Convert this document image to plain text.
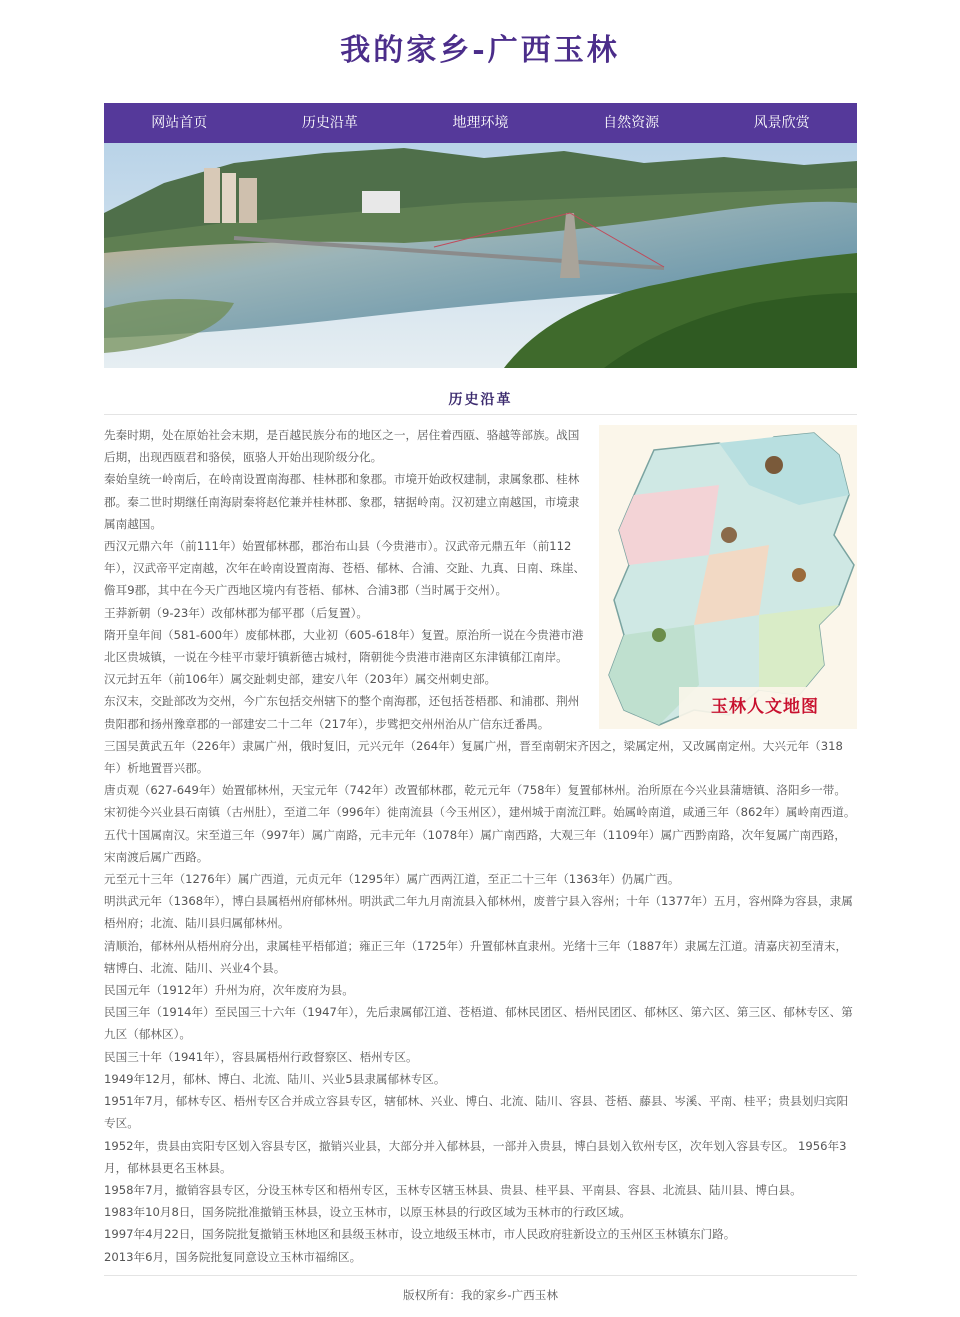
我的家乡-广西玉林
网站首页	历史沿革	地理环境	自然资源	风景欣赏
历史沿革
玉林人文地图

先秦时期，处在原始社会末期，是百越民族分布的地区之一，居住着西瓯、骆越等部族。战国后期，出现西瓯君和骆侯，瓯骆人开始出现阶级分化。

秦始皇统一岭南后，在岭南设置南海郡、桂林郡和象郡。市境开始政权建制，隶属象郡、桂林郡。秦二世时期继任南海尉秦将赵佗兼并桂林郡、象郡，辖据岭南。汉初建立南越国，市境隶属南越国。

西汉元鼎六年（前111年）始置郁林郡，郡治布山县（今贵港市）。汉武帝元鼎五年（前112年），汉武帝平定南越，次年在岭南设置南海、苍梧、郁林、合浦、交趾、九真、日南、珠崖、儋耳9郡，其中在今天广西地区境内有苍梧、郁林、合浦3郡（当时属于交州）。

王莽新朝（9-23年）改郁林郡为郁平郡（后复置）。

隋开皇年间（581-600年）废郁林郡，大业初（605-618年）复置。原治所一说在今贵港市港北区贵城镇，一说在今桂平市蒙圩镇新德古城村，隋朝徙今贵港市港南区东津镇郁江南岸。

汉元封五年（前106年）属交趾刺史部，建安八年（203年）属交州刺史部。

东汉末，交趾部改为交州，今广东包括交州辖下的整个南海郡，还包括苍梧郡、和浦郡、荆州贵阳郡和扬州豫章郡的一部建安二十二年（217年），步骘把交州州治从广信东迁番禺。

三国吴黄武五年（226年）隶属广州，俄时复旧，元兴元年（264年）复属广州，晋至南朝宋齐因之，梁属定州，又改属南定州。大兴元年（318年）析地置晋兴郡。

唐贞观（627-649年）始置郁林州，天宝元年（742年）改置郁林郡，乾元元年（758年）复置郁林州。治所原在今兴业县蒲塘镇、洛阳乡一带。宋初徙今兴业县石南镇（古州肚），至道二年（996年）徙南流县（今玉州区），建州城于南流江畔。始属岭南道，咸通三年（862年）属岭南西道。五代十国属南汉。宋至道三年（997年）属广南路，元丰元年（1078年）属广南西路，大观三年（1109年）属广西黔南路，次年复属广南西路，宋南渡后属广西路。

元至元十三年（1276年）属广西道，元贞元年（1295年）属广西两江道，至正二十三年（1363年）仍属广西。

明洪武元年（1368年），博白县属梧州府郁林州。明洪武二年九月南流县入郁林州，废普宁县入容州；十年（1377年）五月，容州降为容县，隶属梧州府；北流、陆川县归属郁林州。

清顺治，郁林州从梧州府分出，隶属桂平梧郁道；雍正三年（1725年）升置郁林直隶州。光绪十三年（1887年）隶属左江道。清嘉庆初至清末，辖博白、北流、陆川、兴业4个县。

民国元年（1912年）升州为府，次年废府为县。

民国三年（1914年）至民国三十六年（1947年），先后隶属郁江道、苍梧道、郁林民团区、梧州民团区、郁林区、第六区、第三区、郁林专区、第九区（郁林区）。

民国三十年（1941年），容县属梧州行政督察区、梧州专区。

1949年12月，郁林、博白、北流、陆川、兴业5县隶属郁林专区。

1951年7月，郁林专区、梧州专区合并成立容县专区，辖郁林、兴业、博白、北流、陆川、容县、苍梧、藤县、岑溪、平南、桂平；贵县划归宾阳专区。

1952年，贵县由宾阳专区划入容县专区，撤销兴业县，大部分并入郁林县，一部并入贵县，博白县划入钦州专区，次年划入容县专区。 1956年3月，郁林县更名玉林县。

1958年7月，撤销容县专区，分设玉林专区和梧州专区，玉林专区辖玉林县、贵县、桂平县、平南县、容县、北流县、陆川县、博白县。

1983年10月8日，国务院批准撤销玉林县，设立玉林市，以原玉林县的行政区域为玉林市的行政区域。

1997年4月22日，国务院批复撤销玉林地区和县级玉林市，设立地级玉林市，市人民政府驻新设立的玉州区玉林镇东门路。

2013年6月，国务院批复同意设立玉林市福绵区。

版权所有：我的家乡-广西玉林
